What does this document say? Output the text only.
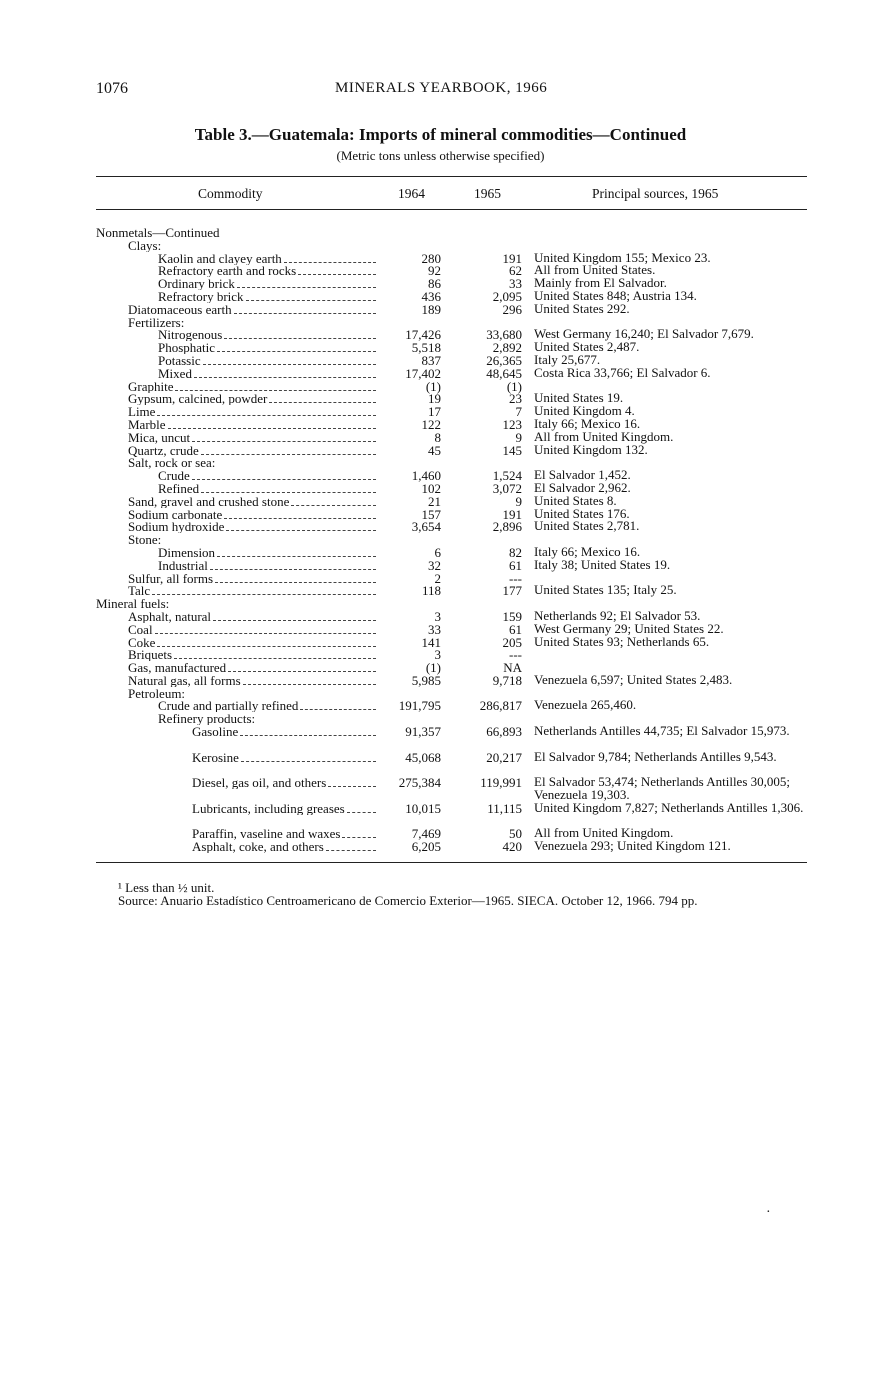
1076	MINERALS YEARBOOK, 1966
Table 3.—Guatemala: Imports of mineral commodities—Continued
(Metric tons unless otherwise specified)
Commodity	1964	1965	Principal sources, 1965
Nonmetals—Continued
Clays:
Kaolin and clayey earth	280	191 United Kingdom 155; Mexico 23.
Refractory earth and rocks	92	62 All from United States.
Ordinary brick	86	33 Mainly from El Salvador.
Refractory brick	436	2,095 United States 848; Austria 134.
Diatomaceous earth	189	296 United States 292.
Fertilizers:
Nitrogenous	17,426	33,680 West Germany 16,240; El Salvador 7,679.
Phosphatic	5,518	2,892 United States 2,487.
Potassic	837	26,365 Italy 25,677.
Mixed	17,402	48,645 Costa Rica 33,766; El Salvador 6.
Graphite	(1)	(1)
Gypsum, calcined, powder	19	23 United States 19.
Lime	17	7 United Kingdom 4.
Marble	122	123 Italy 66; Mexico 16.
Mica, uncut	8	9 All from United Kingdom.
Quartz, crude	45	145 United Kingdom 132.
Salt, rock or sea:
Crude	1,460	1,524 El Salvador 1,452.
Refined	102	3,072 El Salvador 2,962.
Sand, gravel and crushed stone	21	9 United States 8.
Sodium carbonate	157	191 United States 176.
Sodium hydroxide	3,654	2,896 United States 2,781.
Stone:
Dimension	6	82 Italy 66; Mexico 16.
Industrial	32	61 Italy 38; United States 19.
Sulfur, all forms	2	---
Talc	118	177 United States 135; Italy 25.
Mineral fuels:
Asphalt, natural	3	159 Netherlands 92; El Salvador 53.
Coal	33	61 West Germany 29; United States 22.
Coke	141	205 United States 93; Netherlands 65.
Briquets	3	---
Gas, manufactured	(1)	NA
Natural gas, all forms	5,985	9,718 Venezuela 6,597; United States 2,483.
Petroleum:
Crude and partially refined	191,795	286,817 Venezuela 265,460.
Refinery products:
Gasoline	91,357	66,893 Netherlands Antilles 44,735; El Salvador 15,973.
Kerosine	45,068	20,217 El Salvador 9,784; Netherlands Antilles 9,543.
Diesel, gas oil, and others	275,384	119,991 El Salvador 53,474; Netherlands Antilles 30,005; Venezuela 19,303.
Lubricants, including greases	10,015	11,115 United Kingdom 7,827; Netherlands Antilles 1,306.
Paraffin, vaseline and waxes	7,469	50 All from United Kingdom.
Asphalt, coke, and others	6,205	420 Venezuela 293; United Kingdom 121.
¹ Less than ½ unit.
Source: Anuario Estadístico Centroamericano de Comercio Exterior—1965. SIECA. October 12, 1966. 794 pp.
·
